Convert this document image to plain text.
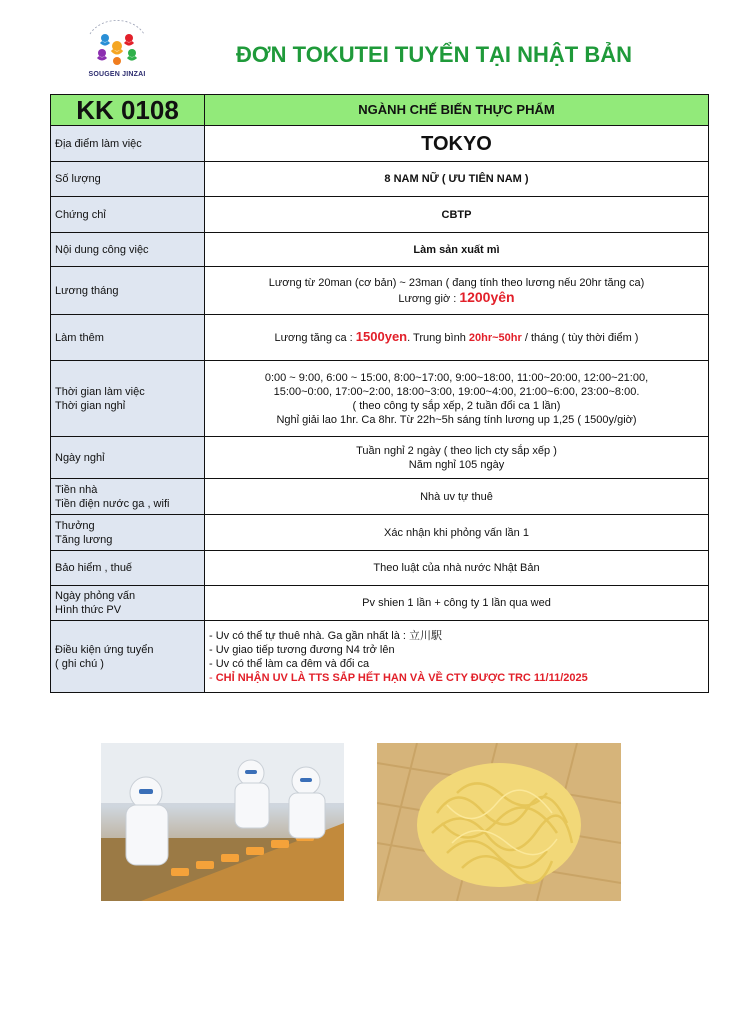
SOUGEN JINZAI
ĐƠN TOKUTEI TUYỂN TẠI NHẬT BẢN
KK 0108	NGÀNH CHẾ BIẾN THỰC PHẨM
Địa điểm làm việc	TOKYO
Số lượng	8 NAM NỮ ( ƯU TIÊN NAM )
Chứng chỉ	CBTP
Nội dung công việc	Làm sản xuất mì
Lương tháng	Lương từ 20man (cơ bản) ~ 23man ( đang tính theo lương nếu 20hr tăng ca)
Lương giờ : 1200yên

Làm thêm	Lương tăng ca : 1500yen. Trung bình 20hr~50hr / tháng ( tùy thời điểm )

Thời gian làm việc
Thời gian nghỉ	0:00 ~ 9:00, 6:00 ~ 15:00, 8:00~17:00, 9:00~18:00, 11:00~20:00, 12:00~21:00,
15:00~0:00, 17:00~2:00, 18:00~3:00, 19:00~4:00, 21:00~6:00, 23:00~8:00.
( theo công ty sắp xếp, 2 tuần đổi ca 1 lần)
Nghỉ giải lao 1hr. Ca 8hr. Từ 22h~5h sáng tính lương up 1,25 ( 1500y/giờ)

Ngày nghỉ	Tuần nghỉ 2 ngày ( theo lịch cty sắp xếp )
Năm nghỉ 105 ngày

Tiền nhà
Tiền điện nước ga , wifi	Nhà uv tự thuê

Thưởng
Tăng lương	Xác nhận khi phỏng vấn lần 1
Bảo hiểm , thuế	Theo luật của nhà nước Nhật Bản

Ngày phỏng vấn
Hình thức PV	Pv shien 1 lần + công ty 1 lần qua wed

Điều kiện ứng tuyển
( ghi chú )	- Uv có thể tự thuê nhà. Ga gần nhất là : 立川駅
- Uv giao tiếp tương đương N4 trở lên
- Uv có thể làm ca đêm và đổi ca
- CHỈ NHẬN UV LÀ TTS SẮP HẾT HẠN VÀ VỀ CTY ĐƯỢC TRC 11/11/2025
